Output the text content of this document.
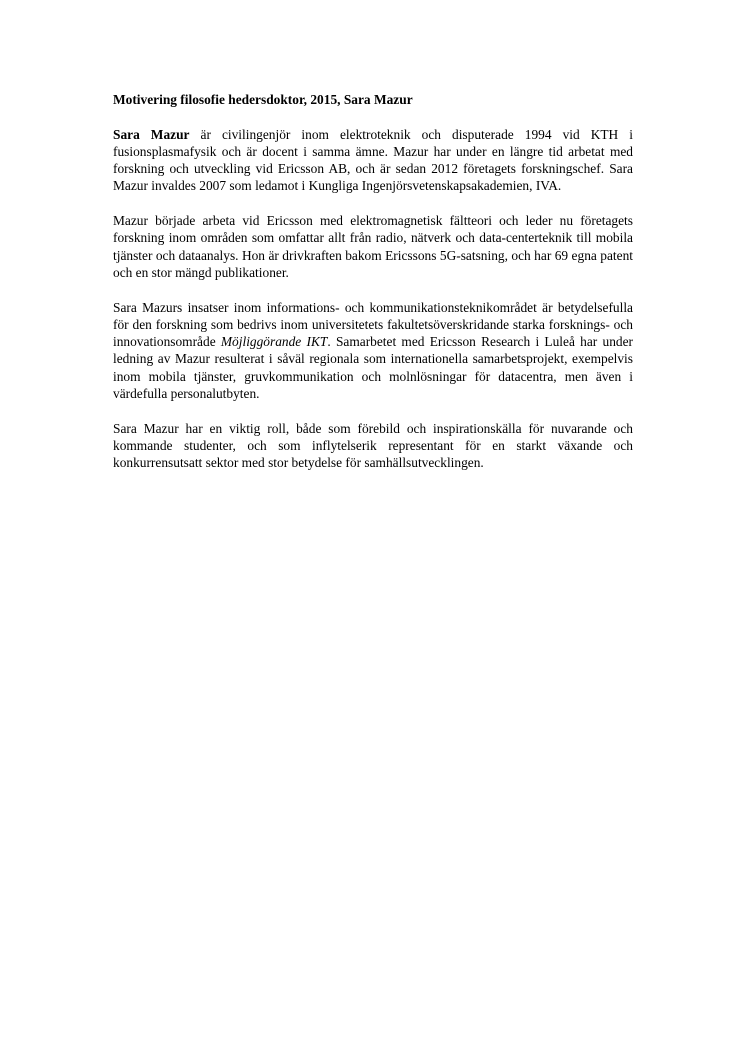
Motivering filosofie hedersdoktor, 2015, Sara Mazur

Sara Mazur är civilingenjör inom elektroteknik och disputerade 1994 vid KTH i fusionsplasmafysik och är docent i samma ämne. Mazur har under en längre tid arbetat med forskning och utveckling vid Ericsson AB, och är sedan 2012 företagets forskningschef. Sara Mazur invaldes 2007 som ledamot i Kungliga Ingenjörsvetenskapsakademien, IVA.

Mazur började arbeta vid Ericsson med elektromagnetisk fältteori och leder nu företagets forskning inom områden som omfattar allt från radio, nätverk och data-centerteknik till mobila tjänster och dataanalys. Hon är drivkraften bakom Ericssons 5G-satsning, och har 69 egna patent och en stor mängd publikationer.

Sara Mazurs insatser inom informations- och kommunikationsteknikområdet är betydelsefulla för den forskning som bedrivs inom universitetets fakultetsöverskridande starka forsknings- och innovationsområde Möjliggörande IKT. Samarbetet med Ericsson Research i Luleå har under ledning av Mazur resulterat i såväl regionala som internationella samarbetsprojekt, exempelvis inom mobila tjänster, gruvkommunikation och molnlösningar för datacentra, men även i värdefulla personalutbyten.

Sara Mazur har en viktig roll, både som förebild och inspirationskälla för nuvarande och kommande studenter, och som inflytelserik representant för en starkt växande och konkurrensutsatt sektor med stor betydelse för samhällsutvecklingen.
